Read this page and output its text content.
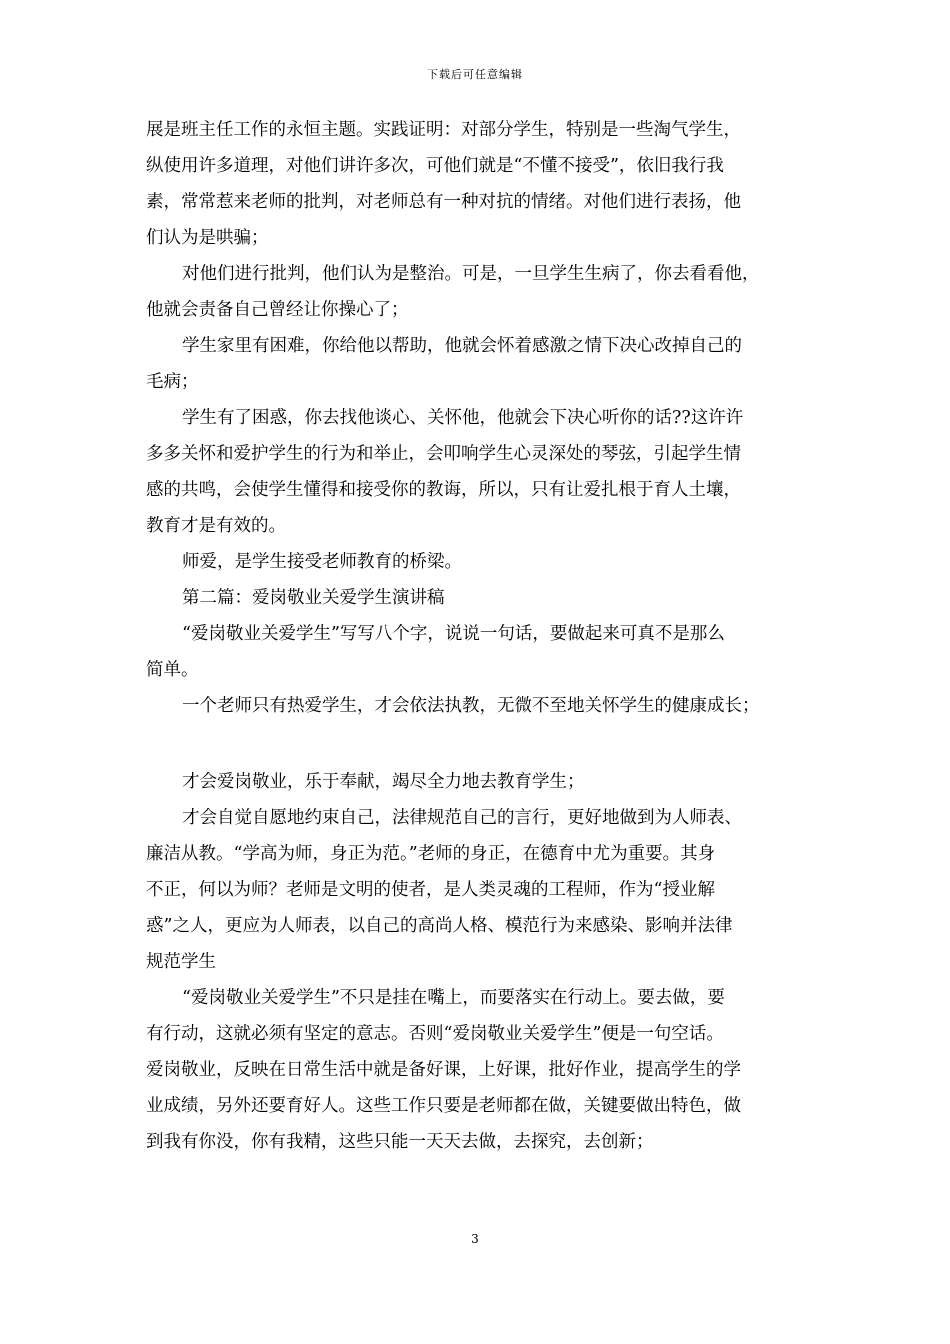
下载后可任意编辑
展是班主任工作的永恒主题。实践证明：对部分学生，特别是一些淘气学生，
纵使用许多道理，对他们讲许多次，可他们就是“不懂不接受”，依旧我行我
素，常常惹来老师的批判，对老师总有一种对抗的情绪。对他们进行表扬，他
们认为是哄骗；
对他们进行批判，他们认为是整治。可是，一旦学生生病了，你去看看他，
他就会责备自己曾经让你操心了；
学生家里有困难，你给他以帮助，他就会怀着感激之情下决心改掉自己的
毛病；
学生有了困惑，你去找他谈心、关怀他，他就会下决心听你的话??这许许
多多关怀和爱护学生的行为和举止，会叩响学生心灵深处的琴弦，引起学生情
感的共鸣，会使学生懂得和接受你的教诲，所以，只有让爱扎根于育人土壤，
教育才是有效的。
师爱，是学生接受老师教育的桥梁。
第二篇：爱岗敬业关爱学生演讲稿
“爱岗敬业关爱学生”写写八个字，说说一句话，要做起来可真不是那么
简单。
一个老师只有热爱学生，才会依法执教，无微不至地关怀学生的健康成长；
才会爱岗敬业，乐于奉献，竭尽全力地去教育学生；
才会自觉自愿地约束自己，法律规范自己的言行，更好地做到为人师表、
廉洁从教。“学高为师，身正为范。”老师的身正，在德育中尤为重要。其身
不正，何以为师？老师是文明的使者，是人类灵魂的工程师，作为“授业解
惑”之人，更应为人师表，以自己的高尚人格、模范行为来感染、影响并法律
规范学生
“爱岗敬业关爱学生”不只是挂在嘴上，而要落实在行动上。要去做，要
有行动，这就必须有坚定的意志。否则“爱岗敬业关爱学生”便是一句空话。
爱岗敬业，反映在日常生活中就是备好课，上好课，批好作业，提高学生的学
业成绩，另外还要育好人。这些工作只要是老师都在做，关键要做出特色，做
到我有你没，你有我精，这些只能一天天去做，去探究，去创新；
3
